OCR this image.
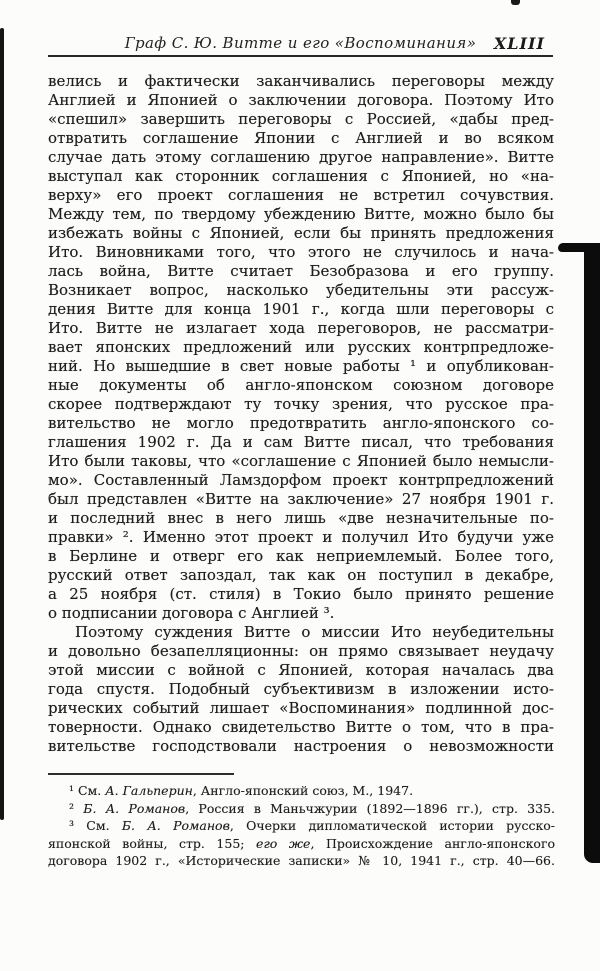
Граф С. Ю. Витте и его «Воспоминания»	XLIII
велись и фактически заканчивались переговоры между
Англией и Японией о заключении договора. Поэтому Ито
«спешил» завершить переговоры с Россией, «дабы пред-
отвратить соглашение Японии с Англией и во всяком
случае дать этому соглашению другое направление». Витте
выступал как сторонник соглашения с Японией, но «на-
верху» его проект соглашения не встретил сочувствия.
Между тем, по твердому убеждению Витте, можно было бы
избежать войны с Японией, если бы принять предложения
Ито. Виновниками того, что этого не случилось и нача-
лась война, Витте считает Безобразова и его группу.
Возникает вопрос, насколько убедительны эти рассуж-
дения Витте для конца 1901 г., когда шли переговоры с
Ито. Витте не излагает хода переговоров, не рассматри-
вает японских предложений или русских контрпредложе-
ний. Но вышедшие в свет новые работы ¹ и опубликован-
ные документы об англо-японском союзном договоре
скорее подтверждают ту точку зрения, что русское пра-
вительство не могло предотвратить англо-японского со-
глашения 1902 г. Да и сам Витте писал, что требования
Ито были таковы, что «соглашение с Японией было немысли-
мо». Составленный Ламздорфом проект контрпредложений
был представлен «Витте на заключение» 27 ноября 1901 г.
и последний внес в него лишь «две незначительные по-
правки» ². Именно этот проект и получил Ито будучи уже
в Берлине и отверг его как неприемлемый. Более того,
русский ответ запоздал, так как он поступил в декабре,
а 25 ноября (ст. стиля) в Токио было принято решение
о подписании договора с Англией ³.
Поэтому суждения Витте о миссии Ито неубедительны
и довольно безапелляционны: он прямо связывает неудачу
этой миссии с войной с Японией, которая началась два
года спустя. Подобный субъективизм в изложении исто-
рических событий лишает «Воспоминания» подлинной дос-
товерности. Однако свидетельство Витте о том, что в пра-
вительстве господствовали настроения о невозможности
¹ См. А. Гальперин, Англо-японский союз, М., 1947.
² Б. А. Романов, Россия в Маньчжурии (1892—1896 гг.), стр. 335.
³ См. Б. А. Романов, Очерки дипломатической истории русско-
японской войны, стр. 155; его же, Происхождение англо-японского
договора 1902 г., «Исторические записки» № 10, 1941 г., стр. 40—66.
